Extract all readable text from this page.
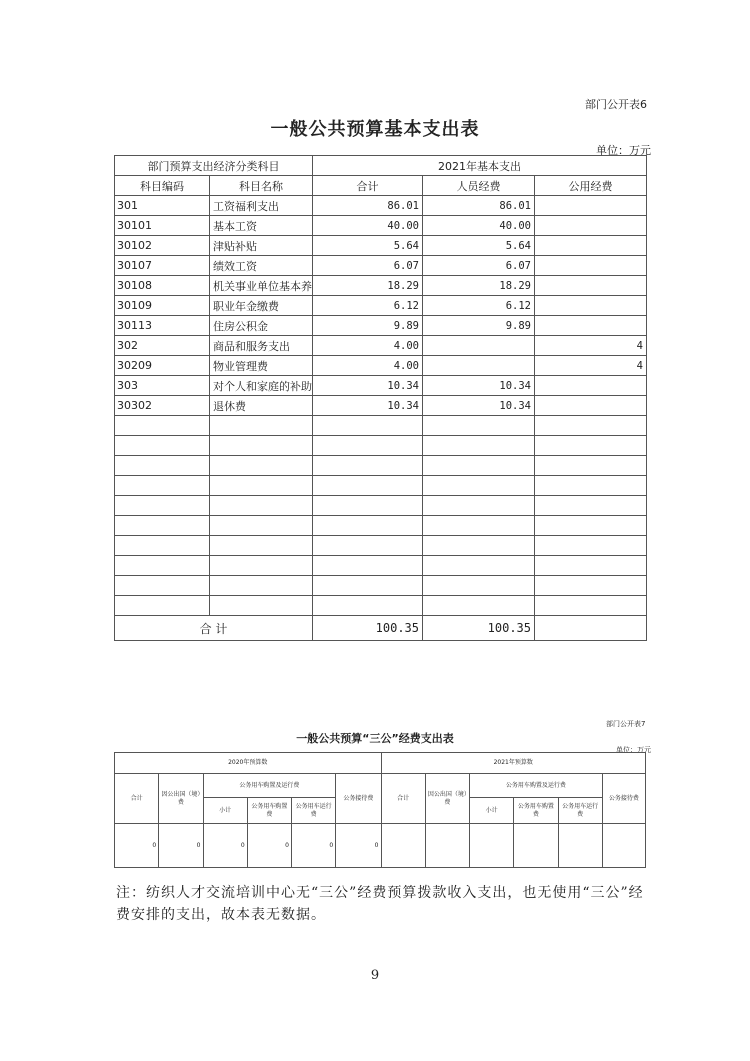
部门公开表6
一般公共预算基本支出表
单位：万元
部门预算支出经济分类科目		2021年基本支出		
科目编码	科目名称	合计	人员经费	公用经费
301	工资福利支出	86.01	86.01	
30101	基本工资	40.00	40.00	
30102	津贴补贴	5.64	5.64	
30107	绩效工资	6.07	6.07	
30108	机关事业单位基本养	18.29	18.29	
30109	职业年金缴费	6.12	6.12	
30113	住房公积金	9.89	9.89	
302	商品和服务支出	4.00		4
30209	物业管理费	4.00		4
303	对个人和家庭的补助	10.34	10.34	
30302	退休费	10.34	10.34	

合 计		100.35	100.35	
部门公开表7
一般公共预算“三公”经费支出表
单位：万元
2020年预算数						2021年预算数					
合计	因公出国（境）费	公务用车购置及运行费			公务接待费	合计	因公出国（境）费	公务用车购置及运行费			公务接待费
		小计	公务用车购置费	公务用车运行费				小计	公务用车购置费	公务用车运行费	
0	0	0	0	0	0						
注：纺织人才交流培训中心无“三公”经费预算拨款收入支出，也无使用“三公”经费安排的支出，故本表无数据。
9
